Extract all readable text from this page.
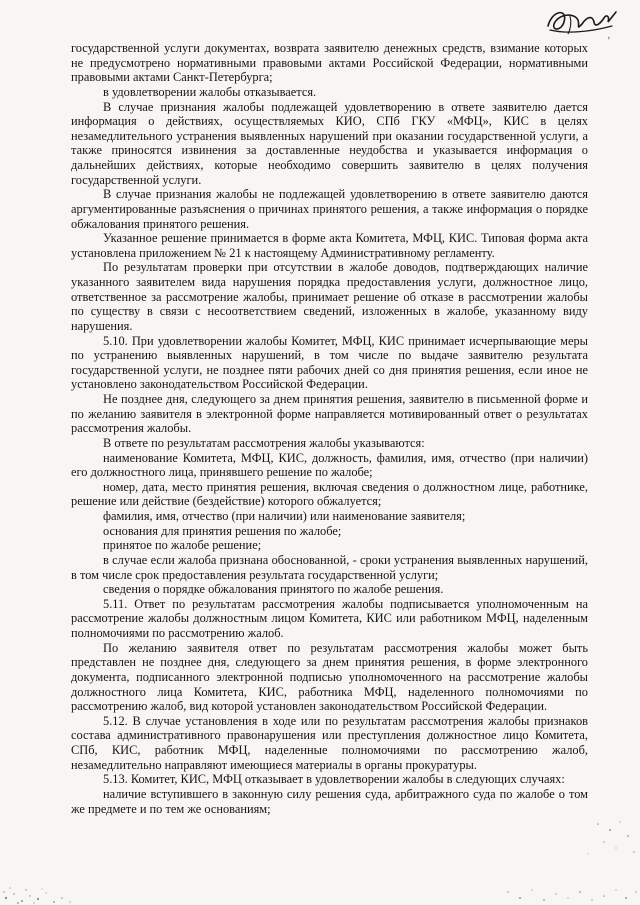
,

государственной услуги документах, возврата заявителю денежных средств, взимание которых не предусмотрено нормативными правовыми актами Российской Федерации, нормативными правовыми актами Санкт-Петербурга;

в удовлетворении жалобы отказывается.

В случае признания жалобы подлежащей удовлетворению в ответе заявителю дается информация о действиях, осуществляемых КИО, СПб ГКУ «МФЦ», КИС в целях незамедлительного устранения выявленных нарушений при оказании государственной услуги, а также приносятся извинения за доставленные неудобства и указывается информация о дальнейших действиях, которые необходимо совершить заявителю в целях получения государственной услуги.

В случае признания жалобы не подлежащей удовлетворению в ответе заявителю даются аргументированные разъяснения о причинах принятого решения, а также информация о порядке обжалования принятого решения.

Указанное решение принимается в форме акта Комитета, МФЦ, КИС. Типовая форма акта установлена приложением № 21 к настоящему Административному регламенту.

По результатам проверки при отсутствии в жалобе доводов, подтверждающих наличие указанного заявителем вида нарушения порядка предоставления услуги, должностное лицо, ответственное за рассмотрение жалобы, принимает решение об отказе в рассмотрении жалобы по существу в связи с несоответствием сведений, изложенных в жалобе, указанному виду нарушения.

5.10. При удовлетворении жалобы Комитет, МФЦ, КИС принимает исчерпывающие меры по устранению выявленных нарушений, в том числе по выдаче заявителю результата государственной услуги, не позднее пяти рабочих дней со дня принятия решения, если иное не установлено законодательством Российской Федерации.

Не позднее дня, следующего за днем принятия решения, заявителю в письменной форме и по желанию заявителя в электронной форме направляется мотивированный ответ о результатах рассмотрения жалобы.

В ответе по результатам рассмотрения жалобы указываются:

наименование Комитета, МФЦ, КИС, должность, фамилия, имя, отчество (при наличии) его должностного лица, принявшего решение по жалобе;

номер, дата, место принятия решения, включая сведения о должностном лице, работнике, решение или действие (бездействие) которого обжалуется;

фамилия, имя, отчество (при наличии) или наименование заявителя;

основания для принятия решения по жалобе;

принятое по жалобе решение;

в случае если жалоба признана обоснованной, - сроки устранения выявленных нарушений, в том числе срок предоставления результата государственной услуги;

сведения о порядке обжалования принятого по жалобе решения.

5.11. Ответ по результатам рассмотрения жалобы подписывается уполномоченным на рассмотрение жалобы должностным лицом Комитета, КИС или работником МФЦ, наделенным полномочиями по рассмотрению жалоб.

По желанию заявителя ответ по результатам рассмотрения жалобы может быть представлен не позднее дня, следующего за днем принятия решения, в форме электронного документа, подписанного электронной подписью уполномоченного на рассмотрение жалобы должностного лица Комитета, КИС, работника МФЦ, наделенного полномочиями по рассмотрению жалоб, вид которой установлен законодательством Российской Федерации.

5.12. В случае установления в ходе или по результатам рассмотрения жалобы признаков состава административного правонарушения или преступления должностное лицо Комитета, СПб, КИС, работник МФЦ, наделенные полномочиями по рассмотрению жалоб, незамедлительно направляют имеющиеся материалы в органы прокуратуры.

5.13. Комитет, КИС, МФЦ отказывает в удовлетворении жалобы в следующих случаях:

наличие вступившего в законную силу решения суда, арбитражного суда по жалобе о том же предмете и по тем же основаниям;
